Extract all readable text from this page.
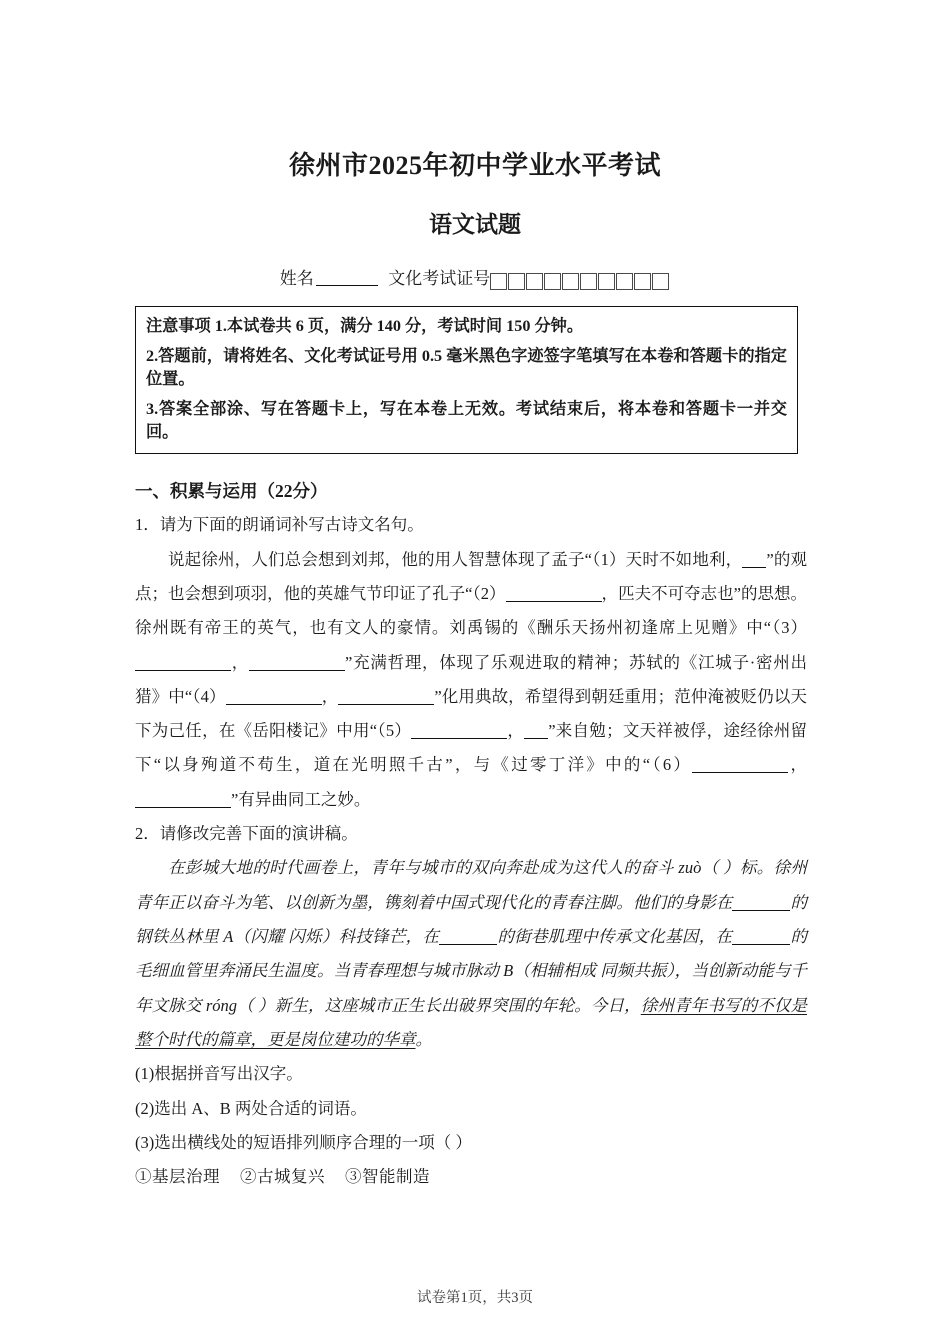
徐州市2025年初中学业水平考试
语文试题

姓名	文化考试证号

注意事项 1.本试卷共 6 页，满分 140 分，考试时间 150 分钟。

2.答题前，请将姓名、文化考试证号用 0.5 毫米黑色字迹签字笔填写在本卷和答题卡的指定位置。

3.答案全部涂、写在答题卡上，写在本卷上无效。考试结束后，将本卷和答题卡一并交回。

一、积累与运用（22分）

1．请为下面的朗诵词补写古诗文名句。

说起徐州，人们总会想到刘邦，他的用人智慧体现了孟子“（1）天时不如地利， ”的观点；也会想到项羽，他的英雄气节印证了孔子“（2）	，匹夫不可夺志也”的思想。徐州既有帝王的英气，也有文人的豪情。刘禹锡的《酬乐天扬州初逢席上见赠》中“（3），	”充满哲理，体现了乐观进取的精神；苏轼的《江城子·密州出猎》中“（4）	，	”化用典故，希望得到朝廷重用；范仲淹被贬仍以天下为己任，在《岳阳楼记》中用“（5）	， ”来自勉；文天祥被俘，途经徐州留下“以身殉道不苟生，道在光明照千古”，与《过零丁洋》中的“（6）	，”有异曲同工之妙。

2．请修改完善下面的演讲稿。

在彭城大地的时代画卷上，青年与城市的双向奔赴成为这代人的奋斗 zuò（ ）标。徐州青年正以奋斗为笔、以创新为墨，镌刻着中国式现代化的青春注脚。他们的身影在	的钢铁丛林里 A（闪耀 闪烁）科技锋芒，在	的街巷肌理中传承文化基因，在	的毛细血管里奔涌民生温度。当青春理想与城市脉动 B（相辅相成 同频共振），当创新动能与千年文脉交 róng（ ）新生，这座城市正生长出破界突围的年轮。今日，徐州青年书写的不仅是整个时代的篇章，更是岗位建功的华章。

(1)根据拼音写出汉字。

(2)选出 A、B 两处合适的词语。

(3)选出横线处的短语排列顺序合理的一项（ ）

①基层治理 ②古城复兴 ③智能制造

试卷第1页，共3页
